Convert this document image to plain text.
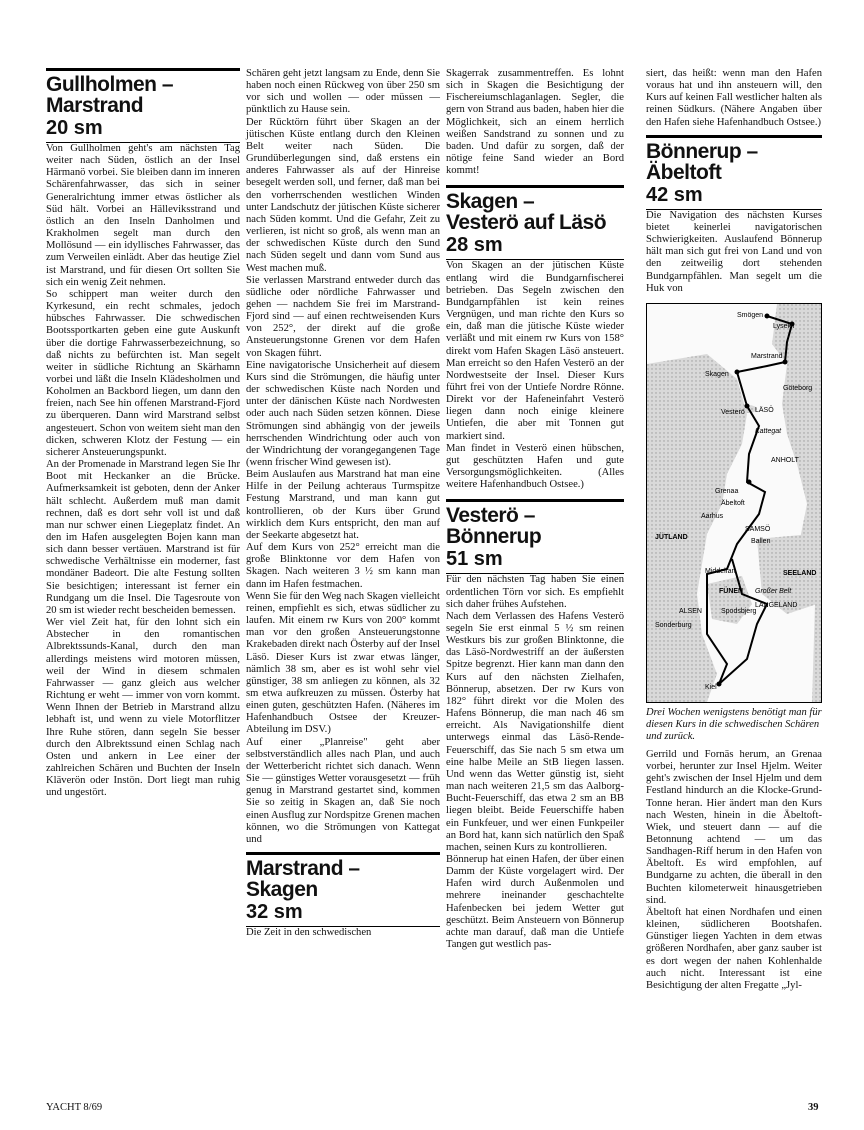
Gullholmen –
Marstrand
20 sm

Von Gullholmen geht's am nächsten Tag weiter nach Süden, östlich an der Insel Härmanö vorbei. Sie bleiben dann im inneren Schärenfahrwasser, das sich in seiner Generalrichtung immer etwas östlicher als Süd hält. Vorbei an Hälleviksstrand und östlich an den Inseln Danholmen und Krakholmen segelt man durch den Mollösund — ein idyllisches Fahrwasser, das zum Verweilen einlädt. Aber das heutige Ziel ist Marstrand, und für diesen Ort sollten Sie sich ein wenig Zeit nehmen.

So schippert man weiter durch den Kyrkesund, ein recht schmales, jedoch hübsches Fahrwasser. Die schwedischen Bootssportkarten geben eine gute Auskunft über die dortige Fahrwasserbezeichnung, so daß nichts zu befürchten ist. Man segelt weiter in südliche Richtung an Skärhamn vorbei und läßt die Inseln Klädesholmen und Koholmen an Backbord liegen, um dann den freien, nach See hin offenen Marstrand-Fjord zu überqueren. Dann wird Marstrand selbst angesteuert. Schon von weitem sieht man den dicken, schweren Klotz der Festung — ein sicherer Ansteuerungspunkt.

An der Promenade in Marstrand legen Sie Ihr Boot mit Heckanker an die Brücke. Aufmerksamkeit ist geboten, denn der Anker hält schlecht. Außerdem muß man damit rechnen, daß es dort sehr voll ist und daß man nur schwer einen Liegeplatz findet. An den im Hafen ausgelegten Bojen kann man sich dann besser vertäuen. Marstrand ist für schwedische Verhältnisse ein moderner, fast mondäner Badeort. Die alte Festung sollten Sie besichtigen; interessant ist ferner ein Rundgang um die Insel. Die Tagesroute von 20 sm ist wieder recht bescheiden bemessen.

Wer viel Zeit hat, für den lohnt sich ein Abstecher in den romantischen Albrektssunds-Kanal, durch den man allerdings meistens wird motoren müssen, weil der Wind in diesem schmalen Fahrwasser — ganz gleich aus welcher Richtung er weht — immer von vorn kommt. Wenn Ihnen der Betrieb in Marstrand allzu lebhaft ist, und wenn zu viele Motorflitzer Ihre Ruhe stören, dann segeln Sie besser durch den Albrektssund einen Schlag nach Osten und ankern in Lee einer der zahlreichen Schären und Buchten der Inseln Kläverön oder Instön. Dort liegt man ruhig und ungestört.

Schären geht jetzt langsam zu Ende, denn Sie haben noch einen Rückweg von über 250 sm vor sich und wollen — oder müssen — pünktlich zu Hause sein.

Der Rücktörn führt über Skagen an der jütischen Küste entlang durch den Kleinen Belt weiter nach Süden. Die Grundüberlegungen sind, daß erstens ein anderes Fahrwasser als auf der Hinreise besegelt werden soll, und ferner, daß man bei den vorherrschenden westlichen Winden unter Landschutz der jütischen Küste sicherer nach Süden kommt. Und die Gefahr, Zeit zu verlieren, ist nicht so groß, als wenn man an der schwedischen Küste durch den Sund nach Süden segelt und dann vom Sund aus West machen muß.

Sie verlassen Marstrand entweder durch das südliche oder nördliche Fahrwasser und gehen — nachdem Sie frei im Marstrand-Fjord sind — auf einen rechtweisenden Kurs von 252°, der direkt auf die große Ansteuerungstonne Grenen vor dem Hafen von Skagen führt.

Eine navigatorische Unsicherheit auf diesem Kurs sind die Strömungen, die häufig unter der schwedischen Küste nach Norden und unter der dänischen Küste nach Nordwesten oder auch nach Süden setzen können. Diese Strömungen sind abhängig von der jeweils herrschenden Windrichtung oder auch von der Windrichtung der vorangegangenen Tage (wenn frischer Wind gewesen ist).

Beim Auslaufen aus Marstrand hat man eine Hilfe in der Peilung achteraus Turmspitze Festung Marstrand, und man kann gut kontrollieren, ob der Kurs über Grund wirklich dem Kurs entspricht, den man auf der Seekarte abgesetzt hat.

Auf dem Kurs von 252° erreicht man die große Blinktonne vor dem Hafen von Skagen. Nach weiteren 3 ½ sm kann man dann im Hafen festmachen.

Wenn Sie für den Weg nach Skagen vielleicht reinen, empfiehlt es sich, etwas südlicher zu laufen. Mit einem rw Kurs von 200° kommt man vor den großen Ansteuerungstonne Krakebaden direkt nach Österby auf der Insel Läsö. Dieser Kurs ist zwar etwas länger, nämlich 38 sm, aber es ist wohl sehr viel günstiger, 38 sm anliegen zu können, als 32 sm etwa aufkreuzen zu müssen. Österby hat einen guten, geschützten Hafen. (Näheres im Hafenhandbuch Ostsee der Kreuzer-Abteilung im DSV.)

Auf einer „Planreise" geht aber selbstverständlich alles nach Plan, und auch der Wetterbericht richtet sich danach. Wenn Sie — günstiges Wetter vorausgesetzt — früh genug in Marstrand gestartet sind, kommen Sie so zeitig in Skagen an, daß Sie noch einen Ausflug zur Nordspitze Grenen machen können, wo die Strömungen von Kattegat und

Marstrand –
Skagen
32 sm

Die Zeit in den schwedischen

Skagerrak zusammentreffen. Es lohnt sich in Skagen die Besichtigung der Fischereiumschlaganlagen. Segler, die gern von Strand aus baden, haben hier die Möglichkeit, sich an einem herrlich weißen Sandstrand zu sonnen und zu baden. Und dafür zu sorgen, daß der nötige feine Sand wieder an Bord kommt!

Skagen –
Vesterö auf Läsö
28 sm

Von Skagen an der jütischen Küste entlang wird die Bundgarnfischerei betrieben. Das Segeln zwischen den Bundgarnpfählen ist kein reines Vergnügen, und man richte den Kurs so ein, daß man die jütische Küste wieder verläßt und mit einem rw Kurs von 158° direkt vom Hafen Skagen Läsö ansteuert. Man erreicht so den Hafen Vesterö an der Nordwestseite der Insel. Dieser Kurs führt frei von der Untiefe Nordre Rönne. Direkt vor der Hafeneinfahrt Vesterö liegen dann noch einige kleinere Untiefen, die aber mit Tonnen gut markiert sind.

Man findet in Vesterö einen hübschen, gut geschützten Hafen und gute Versorgungsmöglichkeiten. (Alles weitere Hafenhandbuch Ostsee.)

Vesterö –
Bönnerup
51 sm

Für den nächsten Tag haben Sie einen ordentlichen Törn vor sich. Es empfiehlt sich daher frühes Aufstehen.

Nach dem Verlassen des Hafens Vesterö segeln Sie erst einmal 5 ½ sm reinen Westkurs bis zur großen Blinktonne, die das Läsö-Nordwestriff an der äußersten Spitze begrenzt. Hier kann man dann den Kurs auf den nächsten Zielhafen, Bönnerup, absetzen. Der rw Kurs von 182° führt direkt vor die Molen des Hafens Bönnerup, die man nach 46 sm erreicht. Als Navigationshilfe dient unterwegs einmal das Läsö-Rende-Feuerschiff, das Sie nach 5 sm etwa um eine halbe Meile an StB liegen lassen. Und wenn das Wetter günstig ist, sieht man nach weiteren 21,5 sm das Aalborg-Bucht-Feuerschiff, das etwa 2 sm an BB liegen bleibt. Beide Feuerschiffe haben ein Funkfeuer, und wer einen Funkpeiler an Bord hat, kann sich natürlich den Spaß machen, seinen Kurs zu kontrollieren.

Bönnerup hat einen Hafen, der über einen Damm der Küste vorgelagert wird. Der Hafen wird durch Außenmolen und mehrere ineinander geschachtelte Hafenbecken bei jedem Wetter gut geschützt. Beim Ansteuern von Bönnerup achte man darauf, daß man die Untiefe Tangen gut westlich pas-

siert, das heißt: wenn man den Hafen voraus hat und ihn ansteuern will, den Kurs auf keinen Fall westlicher halten als reinen Südkurs. (Nähere Angaben über den Hafen siehe Hafenhandbuch Ostsee.)

Bönnerup –
Äbeltoft
42 sm

Die Navigation des nächsten Kurses bietet keinerlei navigatorischen Schwierigkeiten. Auslaufend Bönnerup hält man sich gut frei von Land und von den zeitweilig dort stehenden Bundgarnpfählen. Man segelt um die Huk von

Smögen
Lysekil
Marstrand
Skagen
Göteborg
Vesterö LÄSÖ
Kattegat
ANHOLT
Grenaa
Äbeltoft
Aarhus
SAMSÖ
JÜTLAND
Ballen
Middelfart	SEELAND
FÜNEN Großer Belt
ALSEN	Spodsbjerg
LANGELAND
Sonderburg
Kiel
Drei Wochen wenigstens benötigt man für diesen Kurs in die schwedischen Schären und zurück.

Gerrild und Fornäs herum, an Grenaa vorbei, herunter zur Insel Hjelm. Weiter geht's zwischen der Insel Hjelm und dem Festland hindurch an die Klocke-Grund-Tonne heran. Hier ändert man den Kurs nach Westen, hinein in die Äbeltoft-Wiek, und steuert dann — auf die Betonnung achtend — um das Sandhagen-Riff herum in den Hafen von Äbeltoft. Es wird empfohlen, auf Bundgarne zu achten, die überall in den Buchten kilometerweit hinausgetrieben sind.

Äbeltoft hat einen Nordhafen und einen kleinen, südlicheren Bootshafen. Günstiger liegen Yachten in dem etwas größeren Nordhafen, aber ganz sauber ist es dort wegen der nahen Kohlenhalde auch nicht. Interessant ist eine Besichtigung der alten Fregatte „Jyl-

YACHT 8/69	39
